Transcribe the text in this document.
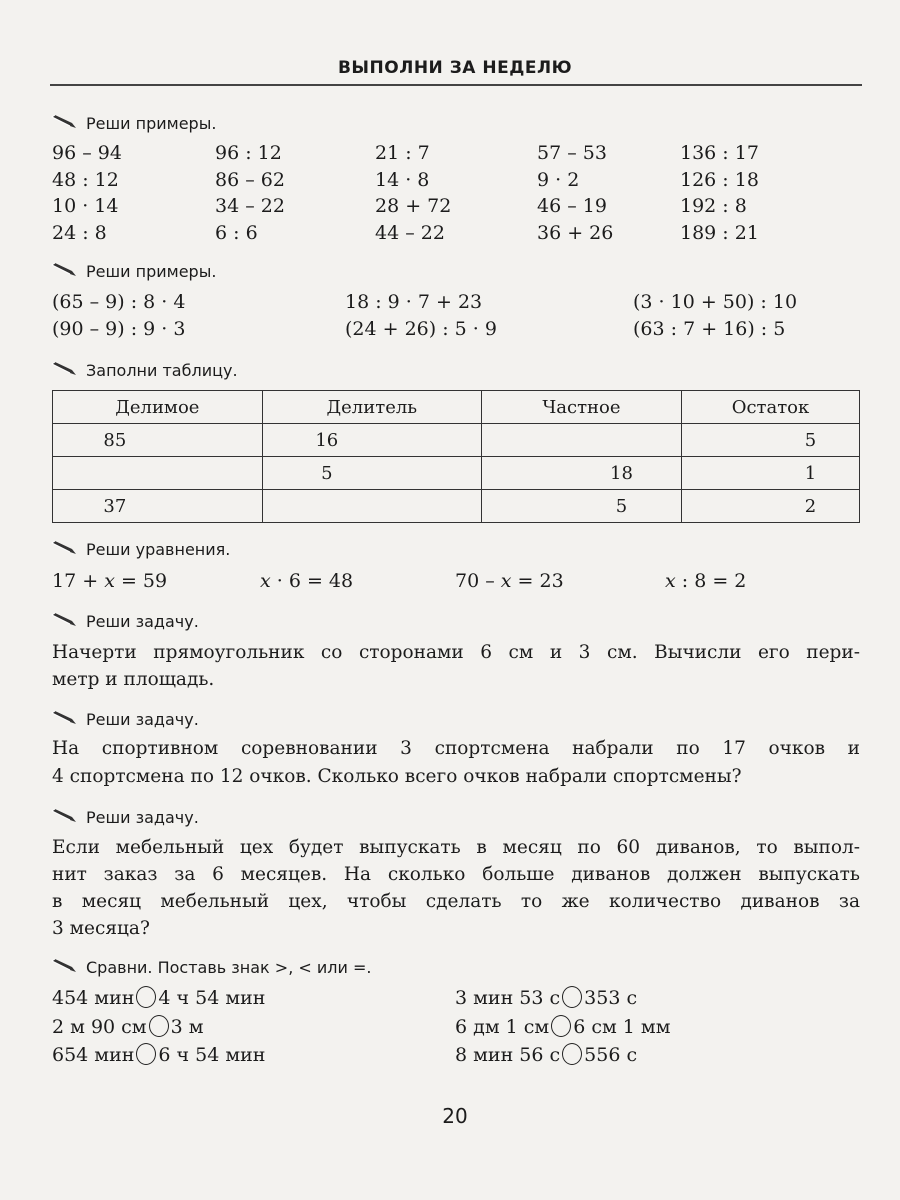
ВЫПОЛНИ ЗА НЕДЕЛЮ
20
Реши примеры.
96 – 94	96 : 12	21 : 7	57 – 53	136 : 17
48 : 12	86 – 62	14 · 8	9 · 2	126 : 18
10 · 14	34 – 22	28 + 72	46 – 19	192 : 8
24 : 8	6 : 6	44 – 22	36 + 26	189 : 21
Реши примеры.
(65 – 9) : 8 · 4	18 : 9 · 7 + 23	(3 · 10 + 50) : 10
(90 – 9) : 9 · 3	(24 + 26) : 5 · 9	(63 : 7 + 16) : 5
Заполни таблицу.
Делимое	Делитель	Частное	Остаток
85	16		5
	5	18	1
37		5	2
Реши уравнения.
17 + x = 59	x · 6 = 48	70 – x = 23	x : 8 = 2
Реши задачу.
Начерти прямоугольник со сторонами 6 см и 3 см. Вычисли его пери-
метр и площадь.
Реши задачу.
На спортивном соревновании 3 спортсмена набрали по 17 очков и
4 спортсмена по 12 очков. Сколько всего очков набрали спортсмены?
Реши задачу.
Если мебельный цех будет выпускать в месяц по 60 диванов, то выпол-
нит заказ за 6 месяцев. На сколько больше диванов должен выпускать
в месяц мебельный цех, чтобы сделать то же количество диванов за
3 месяца?
Сравни. Поставь знак >, < или =.
454 мин 4 ч 54 мин
2 м 90 см 3 м
654 мин 6 ч 54 мин
3 мин 53 с 353 с
6 дм 1 см 6 см 1 мм
8 мин 56 с 556 с
